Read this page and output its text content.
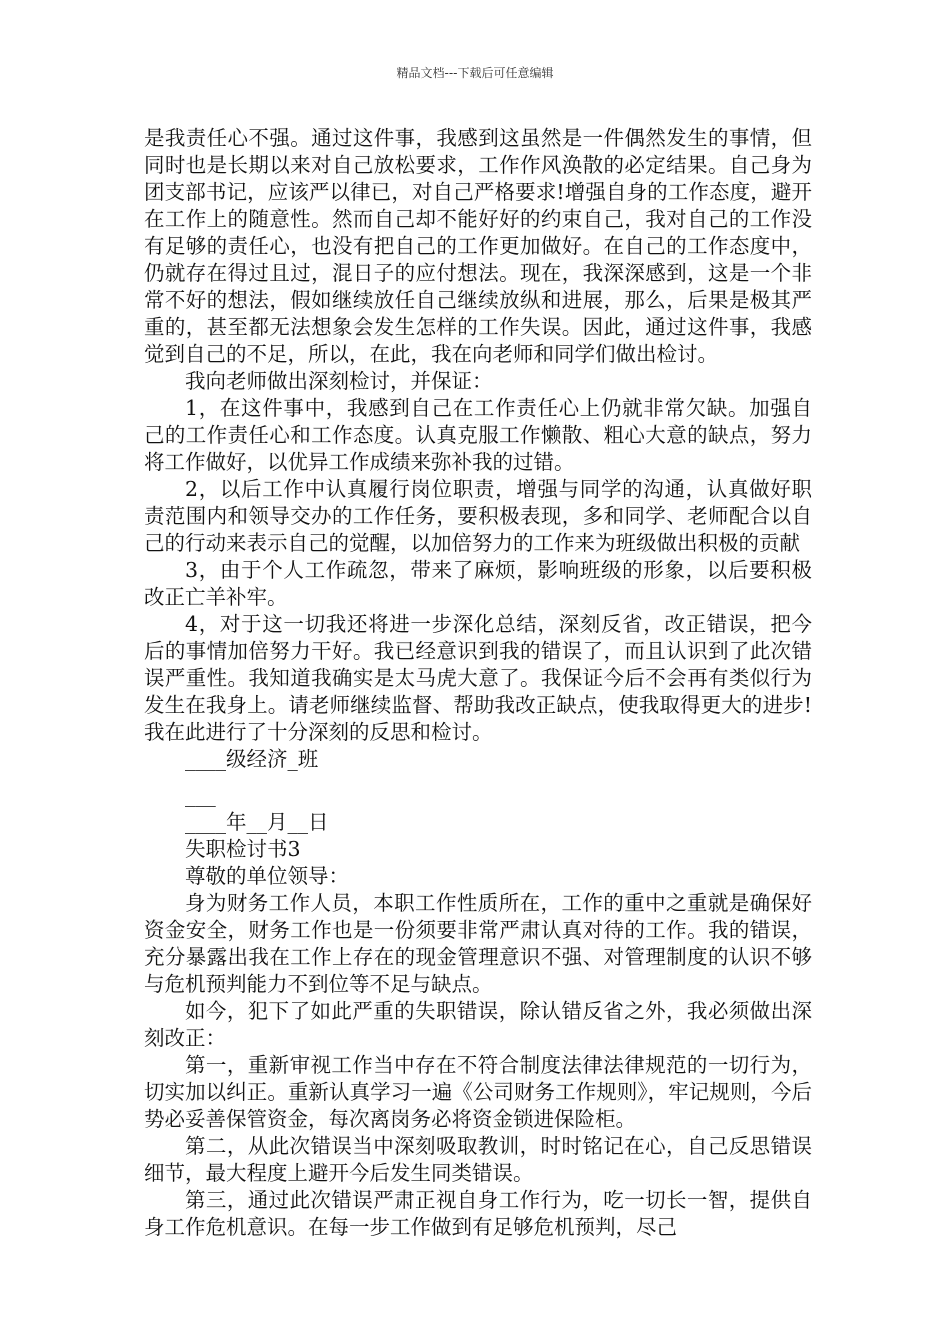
精品文档---下载后可任意编辑

是我责任心不强。通过这件事，我感到这虽然是一件偶然发生的事情，但同时也是长期以来对自己放松要求，工作作风涣散的必定结果。自己身为团支部书记，应该严以律已，对自己严格要求!增强自身的工作态度，避开在工作上的随意性。然而自己却不能好好的约束自己，我对自己的工作没有足够的责任心，也没有把自己的工作更加做好。在自己的工作态度中，仍就存在得过且过，混日子的应付想法。现在，我深深感到，这是一个非常不好的想法，假如继续放任自己继续放纵和进展，那么，后果是极其严重的，甚至都无法想象会发生怎样的工作失误。因此，通过这件事，我感觉到自己的不足，所以，在此，我在向老师和同学们做出检讨。

我向老师做出深刻检讨，并保证：

1，在这件事中，我感到自己在工作责任心上仍就非常欠缺。加强自己的工作责任心和工作态度。认真克服工作懒散、粗心大意的缺点，努力将工作做好，以优异工作成绩来弥补我的过错。

2，以后工作中认真履行岗位职责，增强与同学的沟通，认真做好职责范围内和领导交办的工作任务，要积极表现，多和同学、老师配合以自己的行动来表示自己的觉醒，以加倍努力的工作来为班级做出积极的贡献

3，由于个人工作疏忽，带来了麻烦，影响班级的形象，以后要积极改正亡羊补牢。

4，对于这一切我还将进一步深化总结，深刻反省，改正错误，把今后的事情加倍努力干好。我已经意识到我的错误了，而且认识到了此次错误严重性。我知道我确实是太马虎大意了。我保证今后不会再有类似行为发生在我身上。请老师继续监督、帮助我改正缺点，使我取得更大的进步!我在此进行了十分深刻的反思和检讨。

____级经济_班

___

____年__月__日

失职检讨书3

尊敬的单位领导：

身为财务工作人员，本职工作性质所在，工作的重中之重就是确保好资金安全，财务工作也是一份须要非常严肃认真对待的工作。我的错误，充分暴露出我在工作上存在的现金管理意识不强、对管理制度的认识不够与危机预判能力不到位等不足与缺点。

如今，犯下了如此严重的失职错误，除认错反省之外，我必须做出深刻改正：

第一，重新审视工作当中存在不符合制度法律法律规范的一切行为，切实加以纠正。重新认真学习一遍《公司财务工作规则》，牢记规则，今后势必妥善保管资金，每次离岗务必将资金锁进保险柜。

第二，从此次错误当中深刻吸取教训，时时铭记在心，自己反思错误细节，最大程度上避开今后发生同类错误。

第三，通过此次错误严肃正视自身工作行为，吃一切长一智，提供自身工作危机意识。在每一步工作做到有足够危机预判，尽己
